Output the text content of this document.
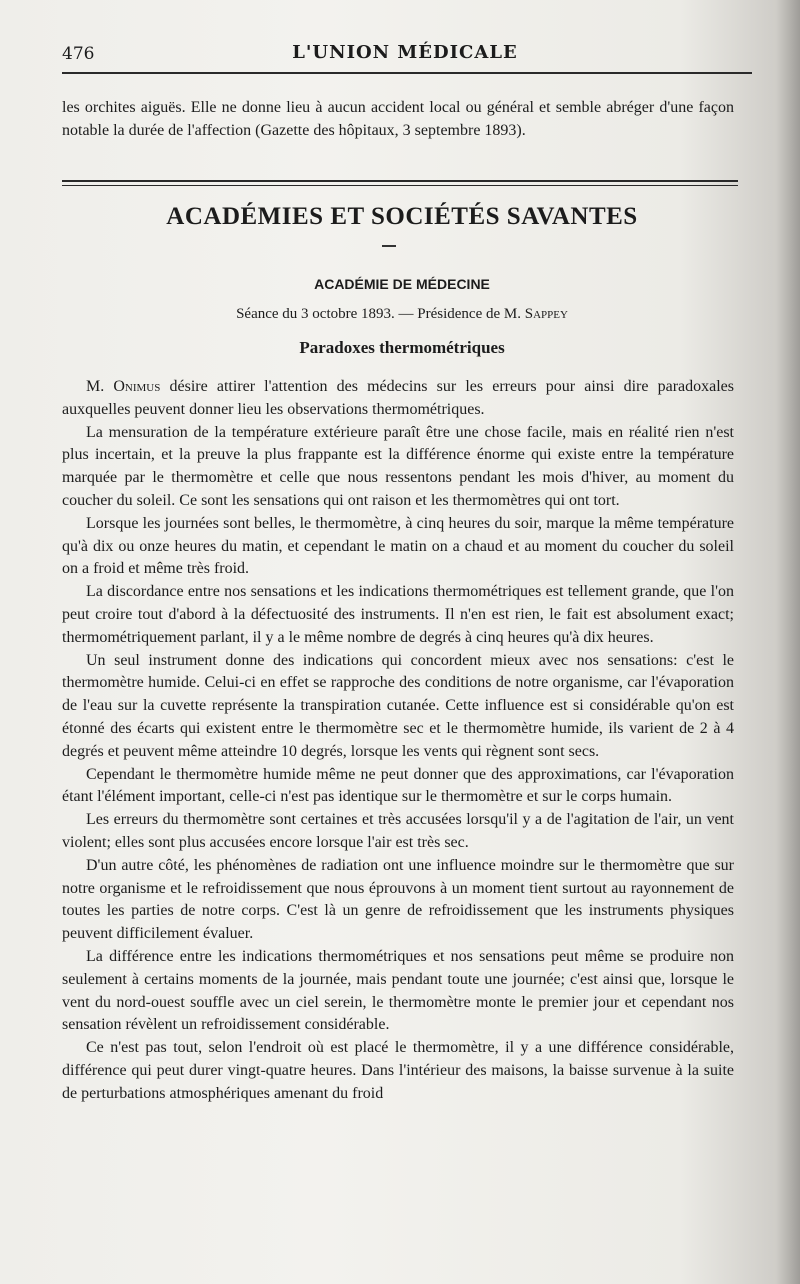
476	L'UNION MÉDICALE

les orchites aiguës. Elle ne donne lieu à aucun accident local ou général et semble abréger d'une façon notable la durée de l'affection (Gazette des hôpitaux, 3 septembre 1893).

ACADÉMIES ET SOCIÉTÉS SAVANTES
ACADÉMIE DE MÉDECINE
Séance du 3 octobre 1893. — Présidence de M. Sappey
Paradoxes thermométriques

M. Onimus désire attirer l'attention des médecins sur les erreurs pour ainsi dire paradoxales auxquelles peuvent donner lieu les observations thermométriques.

La mensuration de la température extérieure paraît être une chose facile, mais en réalité rien n'est plus incertain, et la preuve la plus frappante est la différence énorme qui existe entre la température marquée par le thermomètre et celle que nous ressentons pendant les mois d'hiver, au moment du coucher du soleil. Ce sont les sensations qui ont raison et les thermomètres qui ont tort.

Lorsque les journées sont belles, le thermomètre, à cinq heures du soir, marque la même température qu'à dix ou onze heures du matin, et cependant le matin on a chaud et au moment du coucher du soleil on a froid et même très froid.

La discordance entre nos sensations et les indications thermométriques est tellement grande, que l'on peut croire tout d'abord à la défectuosité des instruments. Il n'en est rien, le fait est absolument exact; thermométriquement parlant, il y a le même nombre de degrés à cinq heures qu'à dix heures.

Un seul instrument donne des indications qui concordent mieux avec nos sensations: c'est le thermomètre humide. Celui-ci en effet se rapproche des conditions de notre organisme, car l'évaporation de l'eau sur la cuvette représente la transpiration cutanée. Cette influence est si considérable qu'on est étonné des écarts qui existent entre le thermomètre sec et le thermomètre humide, ils varient de 2 à 4 degrés et peuvent même atteindre 10 degrés, lorsque les vents qui règnent sont secs.

Cependant le thermomètre humide même ne peut donner que des approximations, car l'évaporation étant l'élément important, celle-ci n'est pas identique sur le thermomètre et sur le corps humain.

Les erreurs du thermomètre sont certaines et très accusées lorsqu'il y a de l'agitation de l'air, un vent violent; elles sont plus accusées encore lorsque l'air est très sec.

D'un autre côté, les phénomènes de radiation ont une influence moindre sur le thermomètre que sur notre organisme et le refroidissement que nous éprouvons à un moment tient surtout au rayonnement de toutes les parties de notre corps. C'est là un genre de refroidissement que les instruments physiques peuvent difficilement évaluer.

La différence entre les indications thermométriques et nos sensations peut même se produire non seulement à certains moments de la journée, mais pendant toute une journée; c'est ainsi que, lorsque le vent du nord-ouest souffle avec un ciel serein, le thermomètre monte le premier jour et cependant nos sensation révèlent un refroidissement considérable.

Ce n'est pas tout, selon l'endroit où est placé le thermomètre, il y a une différence considérable, différence qui peut durer vingt-quatre heures. Dans l'intérieur des maisons, la baisse survenue à la suite de perturbations atmosphériques amenant du froid
